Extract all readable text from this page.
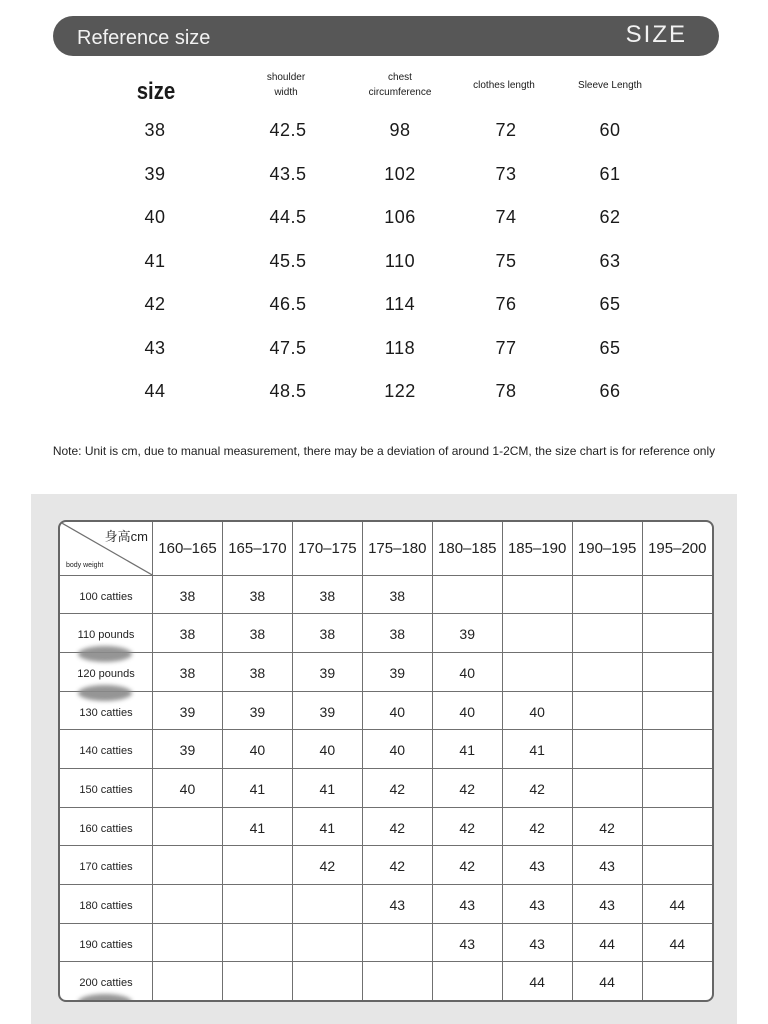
Reference size	SIZE
size
shoulder width
chest circumference
clothes length	Sleeve Length
38	42.5	98	72	60
39	43.5	102	73	61
40	44.5	106	74	62
41	45.5	110	75	63
42	46.5	114	76	65
43	47.5	118	77	65
44	48.5	122	78	66
Note: Unit is cm, due to manual measurement, there may be a deviation of around 1-2CM, the size chart is for reference only
身高cm
body weight	160–165	165–170	170–175	175–180	180–185	185–190	190–195	195–200
100 catties	38	38	38	38				
110 pounds	38	38	38	38	39			
120 pounds	38	38	39	39	40			
130 catties	39	39	39	40	40	40		
140 catties	39	40	40	40	41	41		
150 catties	40	41	41	42	42	42		
160 catties		41	41	42	42	42	42	
170 catties			42	42	42	43	43	
180 catties				43	43	43	43	44
190 catties					43	43	44	44
200 catties						44	44	
